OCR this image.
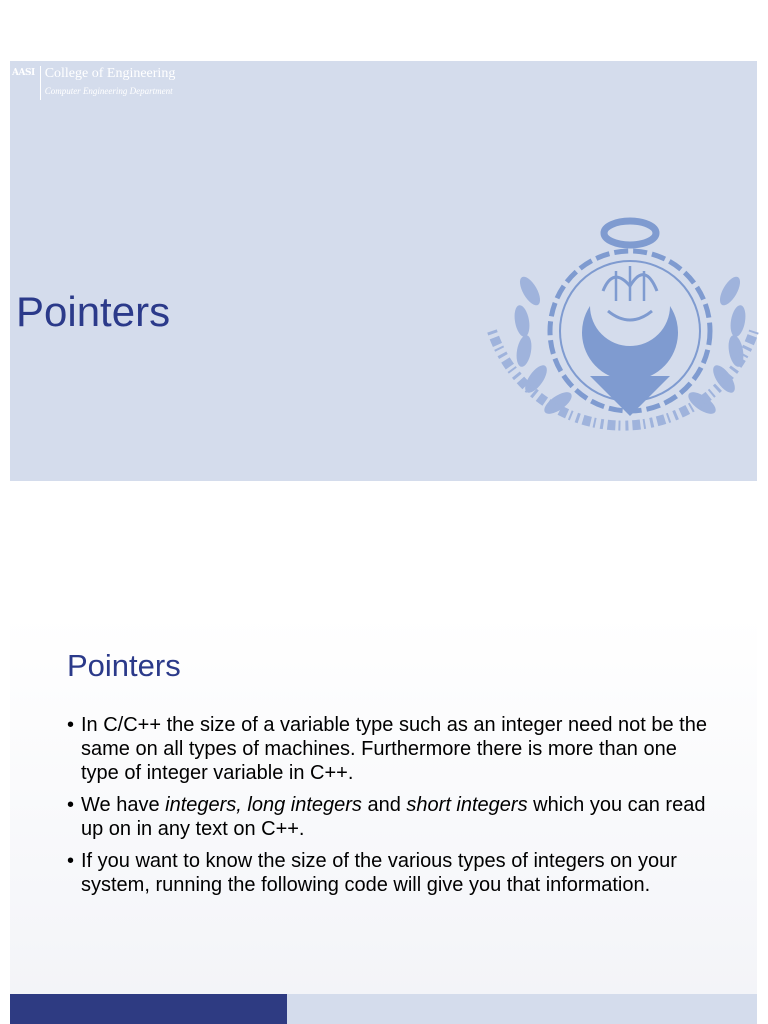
AASI College of Engineering
Computer Engineering Department
Pointers
Pointers
• In C/C++ the size of a variable type such as an integer need not be the same on all types of machines. Furthermore there is more than one type of integer variable in C++.
• We have integers, long integers and short integers which you can read up on in any text on C++.
• If you want to know the size of the various types of integers on your system, running the following code will give you that information.
